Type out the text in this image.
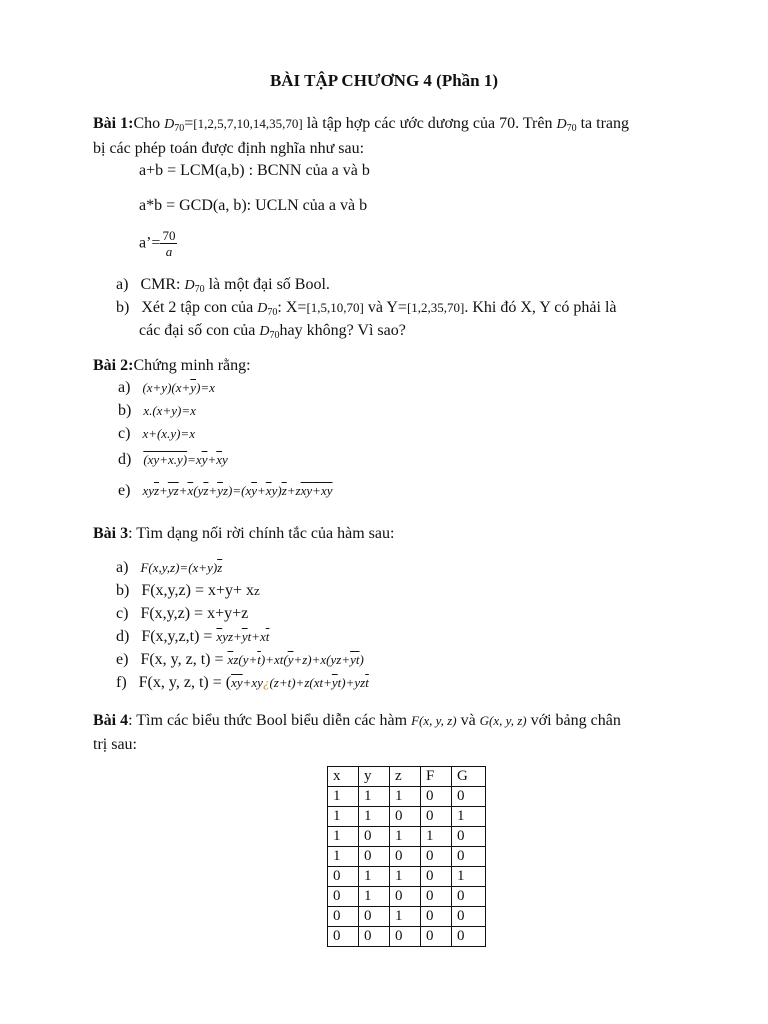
BÀI TẬP CHƯƠNG 4 (Phần 1)
Bài 1:Cho $D_{70}=[1,2,5,7,10,14,35,70]$ là tập hợp các ước dương của 70. Trên $D_{70}$ ta trang
bị các phép toán được định nghĩa như sau:
a+b = LCM(a,b) : BCNN của a và b
a*b = GCD(a, b): UCLN của a và b
a’= $\frac{70}{a}$
a) CMR: $D_{70}$ là một đại số Bool.
b) Xét 2 tập con của $D_{70}$: X=[1,5,10,70] và Y=[1,2,35,70]. Khi đó X, Y có phải là
các đại số con của $D_{70}hay$ không? Vì sao?
Bài 2:Chứng minh rằng:
a) $(x+y)(x+\overline{y})=x$
b) x.(x+y)=x
c) x+(x.y)=x
d) $(xy+x.y)=x\overline{y}+\overline{x}y$
e) $xy\overline{z}+\overline{yz}+\overline{x}(y\overline{z}+\overline{y}z)=(x\overline{y}+\overline{x}y)\overline{z}+zxy+xy$
Bài 3: Tìm dạng nối rời chính tắc của hàm sau:
a) $F(x,y,z)=(x+y)\overline{z}$
b)   F(x,y,z) = x+y+ xz
c) F(x,y,z) = x+y+z
d)   $F(x,y,z,t) = \overline{x}yz+\overline{y}t+x\overline{t}$
e)   F(x, y, z, $t) = \overline{x}z(y+\overline{t})+xt(\overline{y}+z)+x(yz+\overline{y}\overline{t})$
f)   F(x, y, z, $t) = (\overline{x}\overline{y}+xy¿(z+t)+z(xt+\overline{y}t)+yz\overline{t}$
Bài 4: Tìm các biểu thức Bool biểu diễn các hàm F(x, y, z) và G(x, y, z) với bảng chân
trị sau:
x	y	z	F	G
1	1	1	0	0
1	1	0	0	1
1	0	1	1	0
1	0	0	0	0
0	1	1	0	1
0	1	0	0	0
0	0	1	0	0
0	0	0	0	0
